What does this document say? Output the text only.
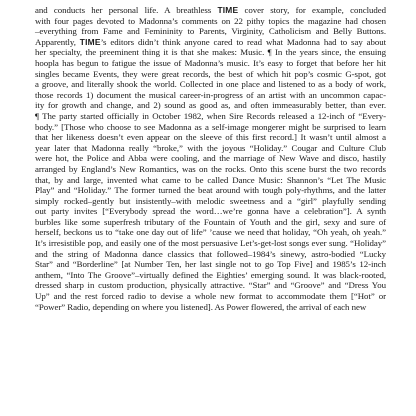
and conducts her personal life. A breathless TIME cover story, for example, concluded
with four pages devoted to Madonna’s comments on 22 pithy topics the magazine had chosen
–everything from Fame and Femininity to Parents, Virginity, Catholicism and Belly Buttons.
Apparently, TIME’s editors didn’t think anyone cared to read what Madonna had to say about
her specialty, the preeminent thing it is that she makes: Music. ¶ In the years since, the ensuing
hoopla has begun to fatigue the issue of Madonna’s music. It’s easy to forget that before her hit
singles became Events, they were great records, the best of which hit pop’s cosmic G-spot, got
a groove, and literally shook the world. Collected in one place and listened to as a body of work,
those records 1) document the musical career-in-progress of an artist with an uncommon capac-
ity for growth and change, and 2) sound as good as, and often immeasurably better, than ever.
¶ The party started officially in October 1982, when Sire Records released a 12-inch of “Every-
body.” [Those who choose to see Madonna as a self-image mongerer might be surprised to learn
that her likeness doesn’t even appear on the sleeve of this first record.] It wasn’t until almost a
year later that Madonna really “broke,” with the joyous “Holiday.” Cougar and Culture Club
were hot, the Police and Abba were cooling, and the marriage of New Wave and disco, hastily
arranged by England’s New Romantics, was on the rocks. Onto this scene burst the two records
that, by and large, invented what came to be called Dance Music: Shannon’s “Let The Music
Play” and “Holiday.” The former turned the beat around with tough poly-rhythms, and the latter
simply rocked–gently but insistently–with melodic sweetness and a “girl” playfully sending
out party invites [“Everybody spread the word…we’re gonna have a celebration”]. A synth
burbles like some superfresh tributary of the Fountain of Youth and the girl, sexy and sure of
herself, beckons us to “take one day out of life” ’cause we need that holiday, “Oh yeah, oh yeah.”
It’s irresistible pop, and easily one of the most persuasive Let’s-get-lost songs ever sung. “Holiday”
and the string of Madonna dance classics that followed–1984’s sinewy, astro-bodied “Lucky
Star” and “Borderline” [at Number Ten, her last single not to go Top Five] and 1985’s 12-inch
anthem, “Into The Groove”–virtually defined the Eighties’ emerging sound. It was black-rooted,
dressed sharp in custom production, physically attractive. “Star” and “Groove” and “Dress You
Up” and the rest forced radio to devise a whole new format to accommodate them [“Hot” or
“Power” Radio, depending on where you listened]. As Power flowered, the arrival of each new
